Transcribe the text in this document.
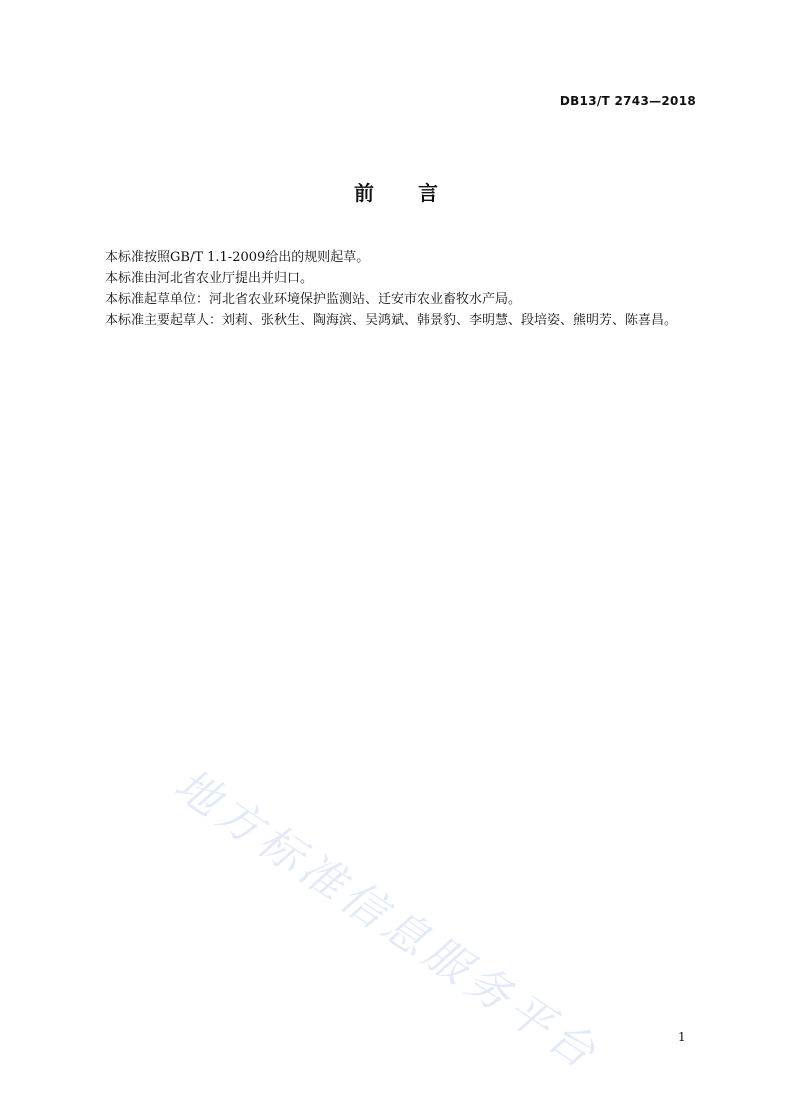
地方标准信息服务平台
DB13/T 2743—2018
前 言

本标准按照GB/T 1.1-2009给出的规则起草。

本标准由河北省农业厅提出并归口。

本标准起草单位：河北省农业环境保护监测站、迁安市农业畜牧水产局。

本标准主要起草人：刘莉、张秋生、陶海滨、吴鸿斌、韩景豹、李明慧、段培姿、熊明芳、陈喜昌。

1
